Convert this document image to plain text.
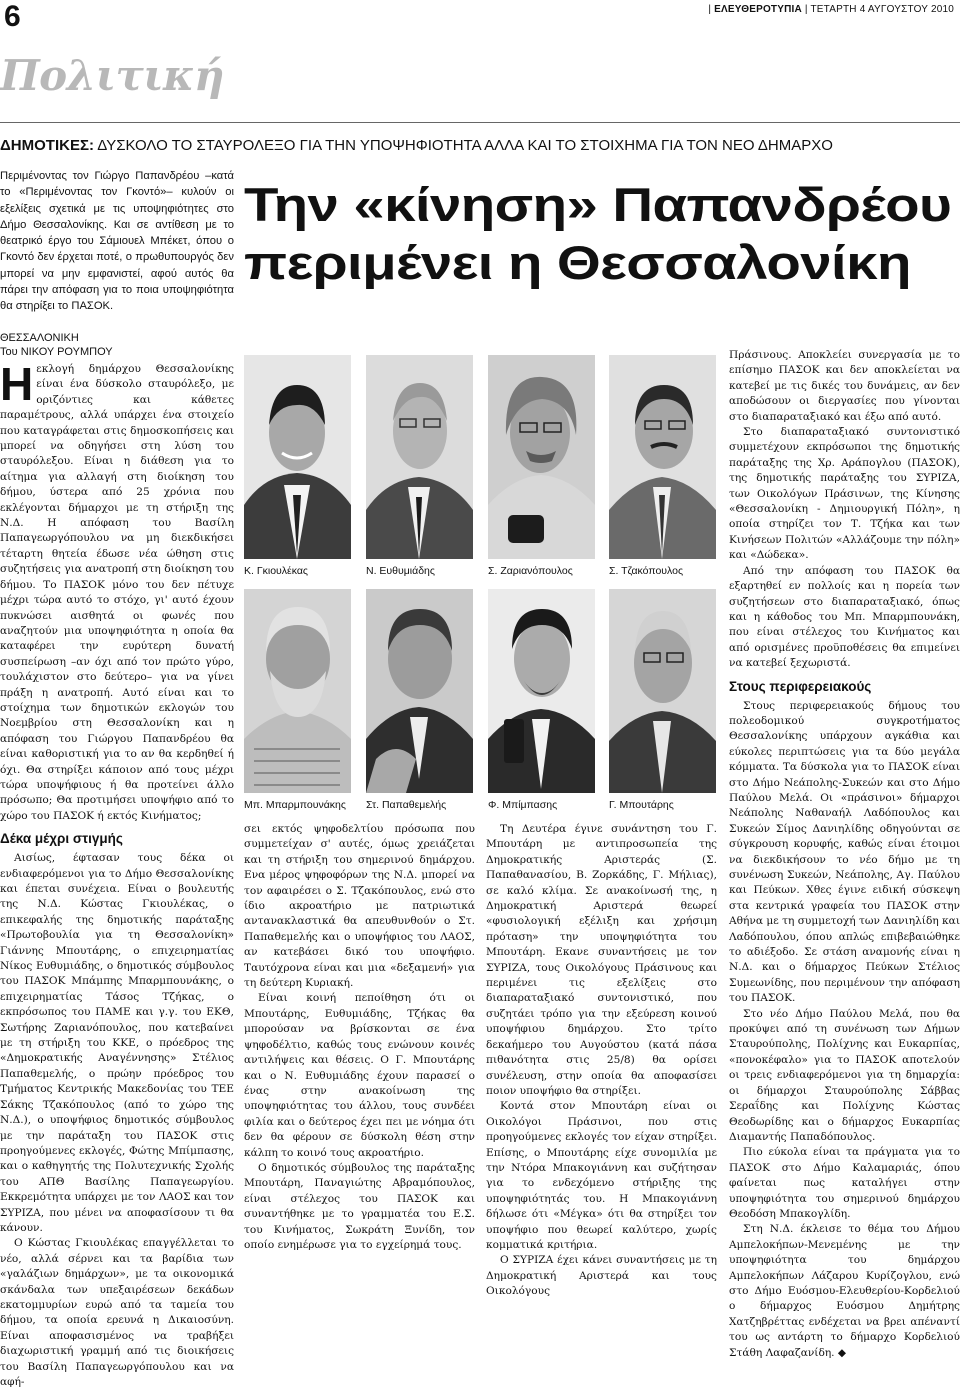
6	| ΕΛΕΥΘΕΡΟΤΥΠΙΑ | ΤΕΤΑΡΤΗ 4 ΑΥΓΟΥΣΤΟΥ 2010
Πολιτική
ΔΗΜΟΤΙΚΕΣ: ΔΥΣΚΟΛΟ ΤΟ ΣΤΑΥΡΟΛΕΞΟ ΓΙΑ ΤΗΝ ΥΠΟΨΗΦΙΟΤΗΤΑ ΑΛΛΑ ΚΑΙ ΤΟ ΣΤΟΙΧΗΜΑ ΓΙΑ ΤΟΝ ΝΕΟ ΔΗΜΑΡΧΟ
Περιμένοντας τον Γιώργο Παπανδρέου –κατά το «Περιμένοντας τον Γκοντό»– κυλούν οι εξελίξεις σχετικά με τις υποψηφιότητες στο Δήμο Θεσσαλονίκης. Και σε αντίθεση με το θεατρικό έργο του Σάμιουελ Μπέκετ, όπου ο Γκοντό δεν έρχεται ποτέ, ο πρωθυπουργός δεν μπορεί να μην εμφανιστεί, αφού αυτός θα πάρει την απόφαση για το ποια υποψηφιότητα θα στηρίξει το ΠΑΣΟΚ.
ΘΕΣΣΑΛΟΝΙΚΗ
Του ΝΙΚΟΥ ΡΟΥΜΠΟΥ
Την «κίνηση» Παπανδρέου
περιμένει η Θεσσαλονίκη

Ηεκλογή δημάρχου Θεσσαλονίκης είναι ένα δύσκολο σταυρόλεξο, με οριζόντιες και κάθετες παραμέτρους, αλλά υπάρχει ένα στοιχείο που καταγράφεται στις δημοσκοπήσεις και μπορεί να οδηγήσει στη λύση του σταυρόλεξου. Είναι η διάθεση για το αίτημα για αλλαγή στη διοίκηση του δήμου, ύστερα από 25 χρόνια που εκλέγονται δήμαρχοι με τη στήριξη της Ν.Δ. Η απόφαση του Βασίλη Παπαγεωργόπουλου να μη διεκδικήσει τέταρτη θητεία έδωσε νέα ώθηση στις συζητήσεις για ανατροπή στη διοίκηση του δήμου. Το ΠΑΣΟΚ μόνο του δεν πέτυχε μέχρι τώρα αυτό το στόχο, γι' αυτό έχουν πυκνώσει αισθητά οι φωνές που αναζητούν μια υποψηφιότητα η οποία θα καταφέρει την ευρύτερη δυνατή συσπείρωση –αν όχι από τον πρώτο γύρο, τουλάχιστον στο δεύτερο– για να γίνει πράξη η ανατροπή. Αυτό είναι και το στοίχημα των δημοτικών εκλογών του Νοεμβρίου στη Θεσσαλονίκη και η απόφαση του Γιώργου Παπανδρέου θα είναι καθοριστική για το αν θα κερδηθεί ή όχι. Θα στηρίξει κάποιον από τους μέχρι τώρα υποψήφιους ή θα προτείνει άλλο πρόσωπο; Θα προτιμήσει υποψήφιο από το χώρο του ΠΑΣΟΚ ή εκτός Κινήματος;

Δέκα μέχρι στιγμής

Αισίως, έφτασαν τους δέκα οι ενδιαφερόμενοι για το Δήμο Θεσσαλονίκης και έπεται συνέχεια. Είναι ο βουλευτής της Ν.Δ. Κώστας Γκιουλέκας, ο επικεφαλής της δημοτικής παράταξης «Πρωτοβουλία για τη Θεσσαλονίκη» Γιάννης Μπουτάρης, ο επιχειρηματίας Νίκος Ευθυμιάδης, ο δημοτικός σύμβουλος του ΠΑΣΟΚ Μπάμπης Μπαρμπουνάκης, ο επιχειρηματίας Τάσος Τζήκας, ο εκπρόσωπος του ΠΑΜΕ και γ.γ. του ΕΚΘ, Σωτήρης Ζαριανόπουλος, που κατεβαίνει με τη στήριξη του ΚΚΕ, ο πρόεδρος της «Δημοκρατικής Αναγέννησης» Στέλιος Παπαθεμελής, ο πρώην πρόεδρος του Τμήματος Κεντρικής Μακεδονίας του ΤΕΕ Σάκης Τζακόπουλος (από το χώρο της Ν.Δ.), ο υποψήφιος δημοτικός σύμβουλος με την παράταξη του ΠΑΣΟΚ στις προηγούμενες εκλογές, Φώτης Μπίμπασης, και ο καθηγητής της Πολυτεχνικής Σχολής του ΑΠΘ Βασίλης Παπαγεωργίου. Εκκρεμότητα υπάρχει με τον ΛΑΟΣ και τον ΣΥΡΙΖΑ, που μένει να αποφασίσουν τι θα κάνουν.

Ο Κώστας Γκιουλέκας επαγγέλλεται το νέο, αλλά σέρνει και τα βαρίδια των «γαλάζιων δημάρχων», με τα οικονομικά σκάνδαλα των υπεξαιρέσεων δεκάδων εκατομμυρίων ευρώ από τα ταμεία του δήμου, τα οποία ερευνά η Δικαιοσύνη. Είναι αποφασισμένος να τραβήξει διαχωριστική γραμμή από τις διοικήσεις του Βασίλη Παπαγεωργόπουλου και να αφή-

Κ. Γκιουλέκας	Ν. Ευθυμιάδης	Σ. Ζαριανόπουλος	Σ. Τζακόπουλος
Μπ. Μπαρμπουνάκης Στ. Παπαθεμελής	Φ. Μπίμπασης	Γ. Μπουτάρης

σει εκτός ψηφοδελτίου πρόσωπα που συμμετείχαν σ' αυτές, όμως χρειάζεται και τη στήριξη του σημερινού δημάρχου. Ενα μέρος ψηφοφόρων της Ν.Δ. μπορεί να τον αφαιρέσει ο Σ. Τζακόπουλος, ενώ στο ίδιο ακροατήριο με πατριωτικά αντανακλαστικά θα απευθυνθούν ο Στ. Παπαθεμελής και ο υποψήφιος του ΛΑΟΣ, αν κατεβάσει δικό του υποψήφιο. Ταυτόχρονα είναι και μια «δεξαμενή» για τη δεύτερη Κυριακή.

Είναι κοινή πεποίθηση ότι οι Μπουτάρης, Ευθυμιάδης, Τζήκας θα μπορούσαν να βρίσκονται σε ένα ψηφοδέλτιο, καθώς τους ενώνουν κοινές αντιλήψεις και θέσεις. Ο Γ. Μπουτάρης και ο Ν. Ευθυμιάδης έχουν παρασεί ο ένας στην ανακοίνωση της υποψηφιότητας του άλλου, τους συνδέει φιλία και ο δεύτερος έχει πει με νόημα ότι δεν θα φέρουν σε δύσκολη θέση στην κάλπη το κοινό τους ακροατήριο.

Ο δημοτικός σύμβουλος της παράταξης Μπουτάρη, Παναγιώτης Αβραμόπουλος, είναι στέλεχος του ΠΑΣΟΚ και συναντήθηκε με το γραμματέα του Ε.Σ. του Κινήματος, Σωκράτη Ξυνίδη, τον οποίο ενημέρωσε για το εγχείρημά τους.

Τη Δευτέρα έγινε συνάντηση του Γ. Μπουτάρη με αντιπροσωπεία της Δημοκρατικής Αριστεράς (Σ. Παπαθανασίου, Β. Ζορκάδης, Γ. Μήλιας), σε καλό κλίμα. Σε ανακοίνωσή της, η Δημοκρατική Αριστερά θεωρεί «φυσιολογική εξέλιξη και χρήσιμη πρόταση» την υποψηφιότητα του Μπουτάρη. Εκανε συναντήσεις με τον ΣΥΡΙΖΑ, τους Οικολόγους Πράσινους και περιμένει τις εξελίξεις στο διαπαραταξιακό συντονιστικό, που συζητάει τρόπο για την εξεύρεση κοινού υποψήφιου δημάρχου. Στο τρίτο δεκαήμερο του Αυγούστου (κατά πάσα πιθανότητα στις 25/8) θα ορίσει συνέλευση, στην οποία θα αποφασίσει ποιον υποψήφιο θα στηρίξει.

Κοντά στον Μπουτάρη είναι οι Οικολόγοι Πράσινοι, που στις προηγούμενες εκλογές τον είχαν στηρίξει. Επίσης, ο Μπουτάρης είχε συνομιλία με την Ντόρα Μπακογιάννη και συζήτησαν για το ενδεχόμενο στήριξης της υποψηφιότητάς του. Η Μπακογιάννη δήλωσε ότι «Μέγκα» ότι θα στηρίξει τον υποψήφιο που θεωρεί καλύτερο, χωρίς κομματικά κριτήρια.

Ο ΣΥΡΙΖΑ έχει κάνει συναντήσεις με τη Δημοκρατική Αριστερά και τους Οικολόγους

Πράσινους. Αποκλείει συνεργασία με το επίσημο ΠΑΣΟΚ και δεν αποκλείεται να κατεβεί με τις δικές του δυνάμεις, αν δεν αποδώσουν οι διεργασίες που γίνονται στο διαπαραταξιακό και έξω από αυτό.

Στο διαπαραταξιακό συντονιστικό συμμετέχουν εκπρόσωποι της δημοτικής παράταξης της Χρ. Αράπογλου (ΠΑΣΟΚ), της δημοτικής παράταξης του ΣΥΡΙΖΑ, των Οικολόγων Πράσινων, της Κίνησης «Θεσσαλονίκη - Δημιουργική Πόλη», η οποία στηρίζει τον Τ. Τζήκα και των Κινήσεων Πολιτών «Αλλάζουμε την πόλη» και «Δώδεκα».

Από την απόφαση του ΠΑΣΟΚ θα εξαρτηθεί εν πολλοίς και η πορεία των συζητήσεων στο διαπαραταξιακό, όπως και η κάθοδος του Μπ. Μπαρμπουνάκη, που είναι στέλεχος του Κινήματος και από ορισμένες προϋποθέσεις θα επιμείνει να κατεβεί ξεχωριστά.

Στους περιφερειακούς

Στους περιφερειακούς δήμους του πολεοδομικού συγκροτήματος Θεσσαλονίκης υπάρχουν αγκάθια και εύκολες περιπτώσεις για τα δύο μεγάλα κόμματα. Τα δύσκολα για το ΠΑΣΟΚ είναι στο Δήμο Νεάπολης-Συκεών και στο Δήμο Παύλου Μελά. Οι «πράσινοι» δήμαρχοι Νεάπολης Ναθαναήλ Λαδόπουλος και Συκεών Σίμος Δανιηλίδης οδηγούνται σε σύγκρουση κορυφής, καθώς είναι έτοιμοι να διεκδικήσουν το νέο δήμο με τη συνένωση Συκεών, Νεάπολης, Αγ. Παύλου και Πεύκων. Χθες έγινε ειδική σύσκεψη στα κεντρικά γραφεία του ΠΑΣΟΚ στην Αθήνα με τη συμμετοχή των Δανιηλίδη και Λαδόπουλου, όπου απλώς επιβεβαιώθηκε το αδιέξοδο. Σε στάση αναμονής είναι η Ν.Δ. και ο δήμαρχος Πεύκων Στέλιος Συμεωνίδης, που περιμένουν την απόφαση του ΠΑΣΟΚ.

Στο νέο Δήμο Παύλου Μελά, που θα προκύψει από τη συνένωση των Δήμων Σταυρούπολης, Πολίχνης και Ευκαρπίας, «πονοκέφαλο» για το ΠΑΣΟΚ αποτελούν οι τρεις ενδιαφερόμενοι για τη δημαρχία: οι δήμαρχοι Σταυρούπολης Σάββας Σεραΐδης και Πολίχνης Κώστας Θεοδωρίδης και ο δήμαρχος Ευκαρπίας Διαμαντής Παπαδόπουλος.

Πιο εύκολα είναι τα πράγματα για το ΠΑΣΟΚ στο Δήμο Καλαμαριάς, όπου φαίνεται πως καταλήγει στην υποψηφιότητα του σημερινού δημάρχου Θεοδόση Μπακογλίδη.

Στη Ν.Δ. έκλεισε το θέμα του Δήμου Αμπελοκήπων-Μενεμένης με την υποψηφιότητα του δημάρχου Αμπελοκήπων Λάζαρου Κυρίζογλου, ενώ στο Δήμο Ευόσμου-Ελευθερίου-Κορδελιού ο δήμαρχος Ευόσμου Δημήτρης Χατζηβρέττας ενδέχεται να βρει απέναντί του ως αντάρτη το δήμαρχο Κορδελιού Στάθη Λαφαζανίδη. ◆
